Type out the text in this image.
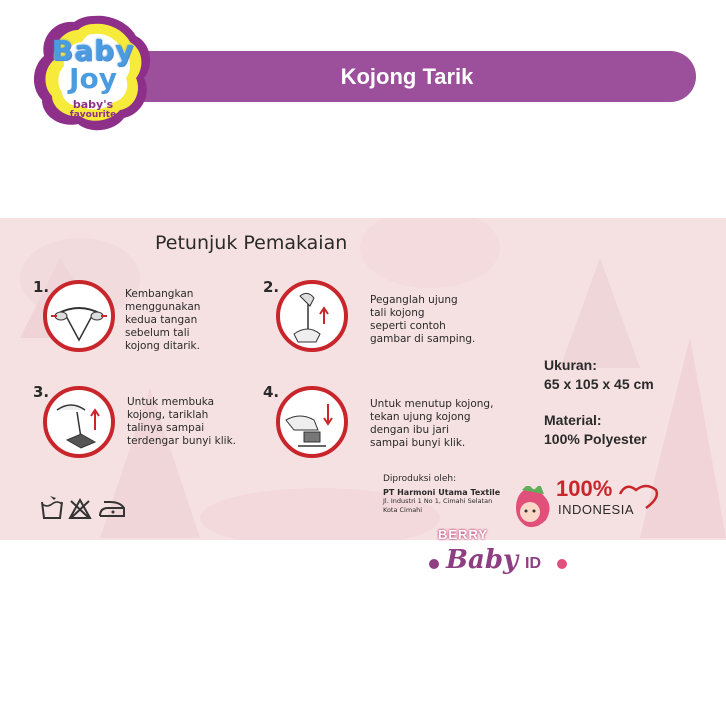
Kojong Tarik
Baby
Joy
baby's
favourite
Petunjuk Pemakaian
1.	Kembangkan
menggunakan
kedua tangan
sebelum tali
kojong ditarik.
2.
Peganglah ujung
tali kojong
seperti contoh
gambar di samping.
3.
Untuk membuka
kojong, tariklah
talinya sampai
terdengar bunyi klik.
4.
Untuk menutup kojong,
tekan ujung kojong
dengan ibu jari
sampai bunyi klik.
Ukuran:
65 x 105 x 45 cm
Material:
100% Polyester
Diproduksi oleh:
PT Harmoni Utama Textile
Jl. Industri 1 No 1, Cimahi Selatan
Kota Cimahi
100%
INDONESIA
BERRY
Baby ID
